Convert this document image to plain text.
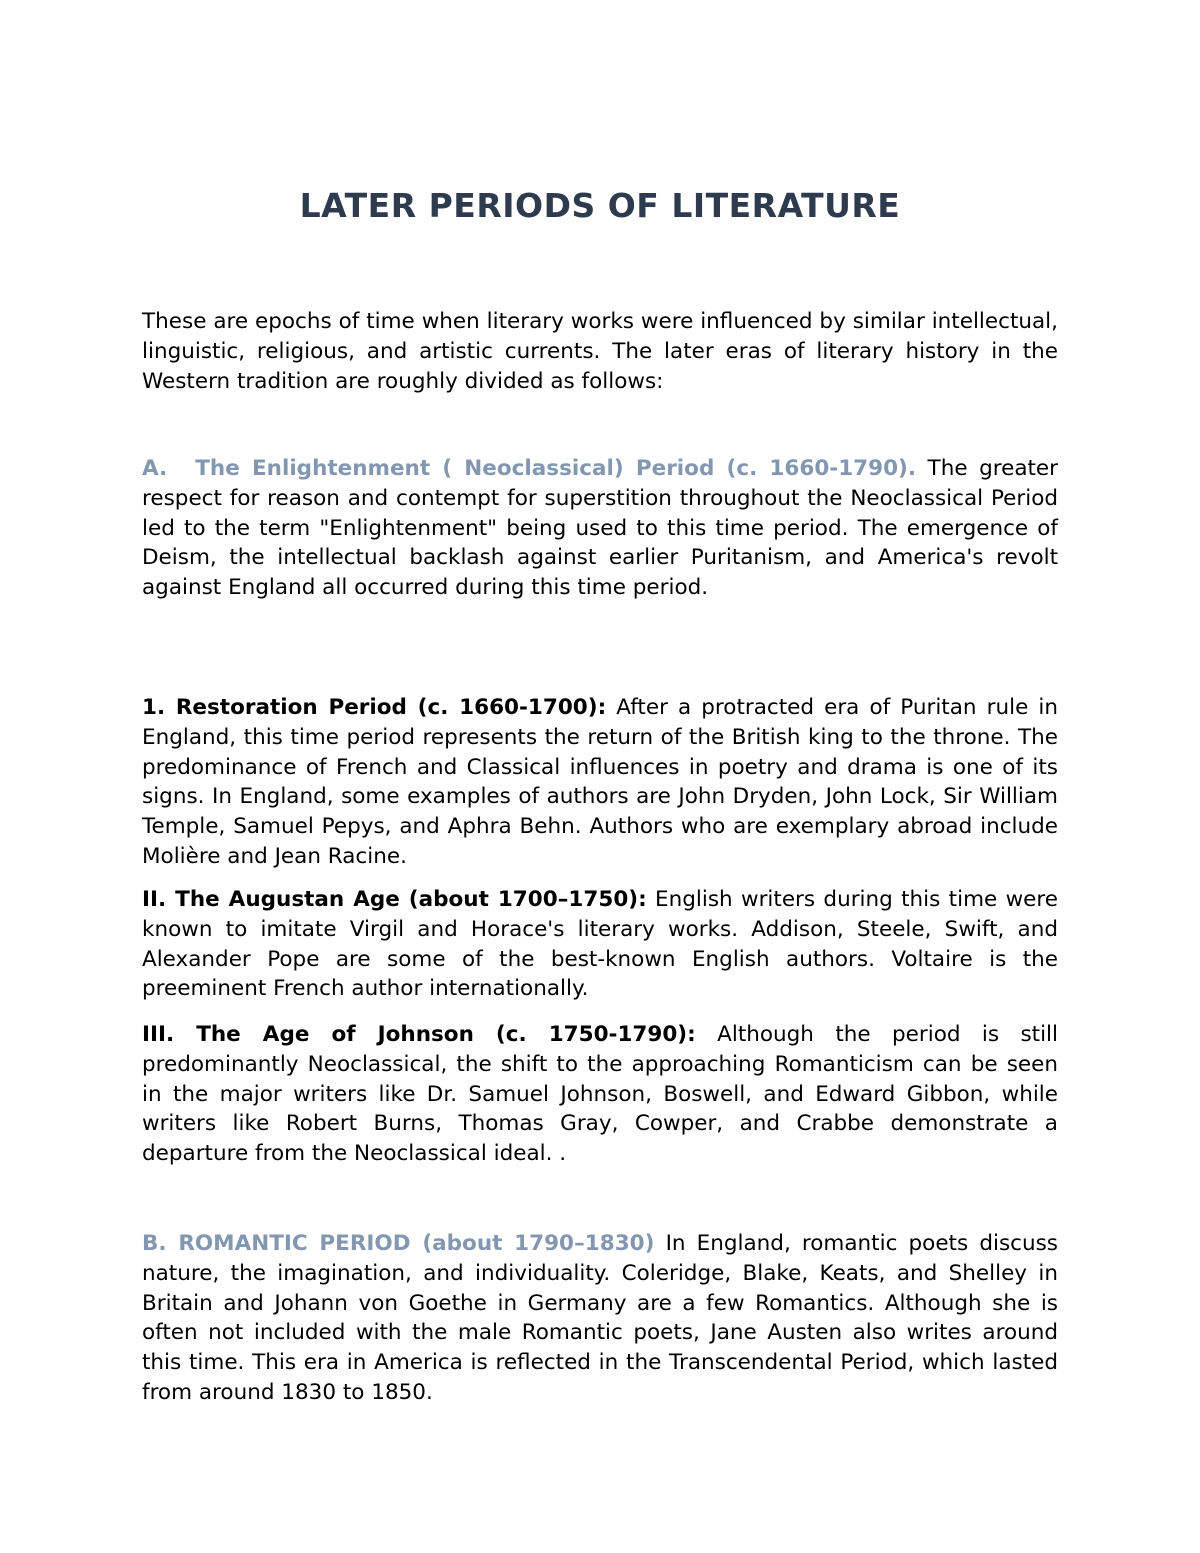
LATER PERIODS OF LITERATURE

These are epochs of time when literary works were influenced by similar intellectual, linguistic, religious, and artistic currents. The later eras of literary history in the Western tradition are roughly divided as follows:

A. The Enlightenment ( Neoclassical) Period (c. 1660-1790). The greater respect for reason and contempt for superstition throughout the Neoclassical Period led to the term "Enlightenment" being used to this time period. The emergence of Deism, the intellectual backlash against earlier Puritanism, and America's revolt against England all occurred during this time period.

1. Restoration Period (c. 1660-1700): After a protracted era of Puritan rule in England, this time period represents the return of the British king to the throne. The predominance of French and Classical influences in poetry and drama is one of its signs. In England, some examples of authors are John Dryden, John Lock, Sir William Temple, Samuel Pepys, and Aphra Behn. Authors who are exemplary abroad include Molière and Jean Racine.

II. The Augustan Age (about 1700–1750): English writers during this time were known to imitate Virgil and Horace's literary works. Addison, Steele, Swift, and Alexander Pope are some of the best-known English authors. Voltaire is the preeminent French author internationally.

III. The Age of Johnson (c. 1750-1790): Although the period is still predominantly Neoclassical, the shift to the approaching Romanticism can be seen in the major writers like Dr. Samuel Johnson, Boswell, and Edward Gibbon, while writers like Robert Burns, Thomas Gray, Cowper, and Crabbe demonstrate a departure from the Neoclassical ideal. .

B. ROMANTIC PERIOD (about 1790–1830) In England, romantic poets discuss nature, the imagination, and individuality. Coleridge, Blake, Keats, and Shelley in Britain and Johann von Goethe in Germany are a few Romantics. Although she is often not included with the male Romantic poets, Jane Austen also writes around this time. This era in America is reflected in the Transcendental Period, which lasted from around 1830 to 1850.
